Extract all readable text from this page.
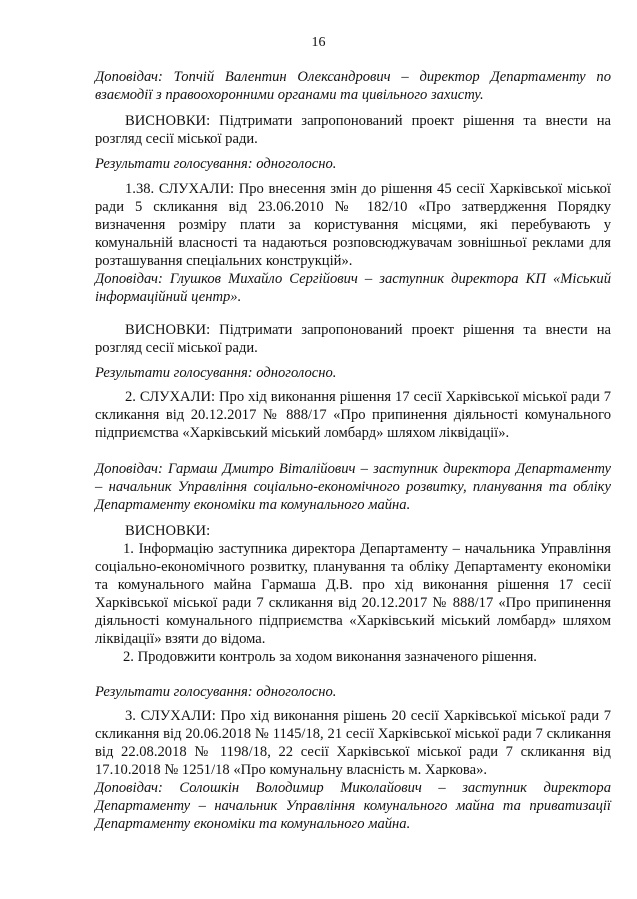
16

Доповідач: Топчій Валентин Олександрович – директор Департаменту по взаємодії з правоохоронними органами та цивільного захисту.

ВИСНОВКИ: Підтримати запропонований проект рішення та внести на розгляд сесії міської ради.

Результати голосування: одноголосно.

1.38. СЛУХАЛИ: Про внесення змін до рішення 45 сесії Харківської міської ради 5 скликання від 23.06.2010 № 182/10 «Про затвердження Порядку визначення розміру плати за користування місцями, які перебувають у комунальній власності та надаються розповсюджувачам зовнішньої реклами для розташування спеціальних конструкцій».

Доповідач: Глушков Михайло Сергійович – заступник директора КП «Міський інформаційний центр».

ВИСНОВКИ: Підтримати запропонований проект рішення та внести на розгляд сесії міської ради.

Результати голосування: одноголосно.

2. СЛУХАЛИ: Про хід виконання рішення 17 сесії Харківської міської ради 7 скликання від 20.12.2017 № 888/17 «Про припинення діяльності комунального підприємства «Харківський міський ломбард» шляхом ліквідації».

Доповідач: Гармаш Дмитро Віталійович – заступник директора Департаменту – начальник Управління соціально-економічного розвитку, планування та обліку Департаменту економіки та комунального майна.

ВИСНОВКИ:

1. Інформацію заступника директора Департаменту – начальника Управління соціально-економічного розвитку, планування та обліку Департаменту економіки та комунального майна Гармаша Д.В. про хід виконання рішення 17 сесії Харківської міської ради 7 скликання від 20.12.2017 № 888/17 «Про припинення діяльності комунального підприємства «Харківський міський ломбард» шляхом ліквідації» взяти до відома.

2. Продовжити контроль за ходом виконання зазначеного рішення.

Результати голосування: одноголосно.

3. СЛУХАЛИ: Про хід виконання рішень 20 сесії Харківської міської ради 7 скликання від 20.06.2018 № 1145/18, 21 сесії Харківської міської ради 7 скликання від 22.08.2018 № 1198/18, 22 сесії Харківської міської ради 7 скликання від 17.10.2018 № 1251/18 «Про комунальну власність м. Харкова».

Доповідач: Солошкін Володимир Миколайович – заступник директора Департаменту – начальник Управління комунального майна та приватизації Департаменту економіки та комунального майна.
